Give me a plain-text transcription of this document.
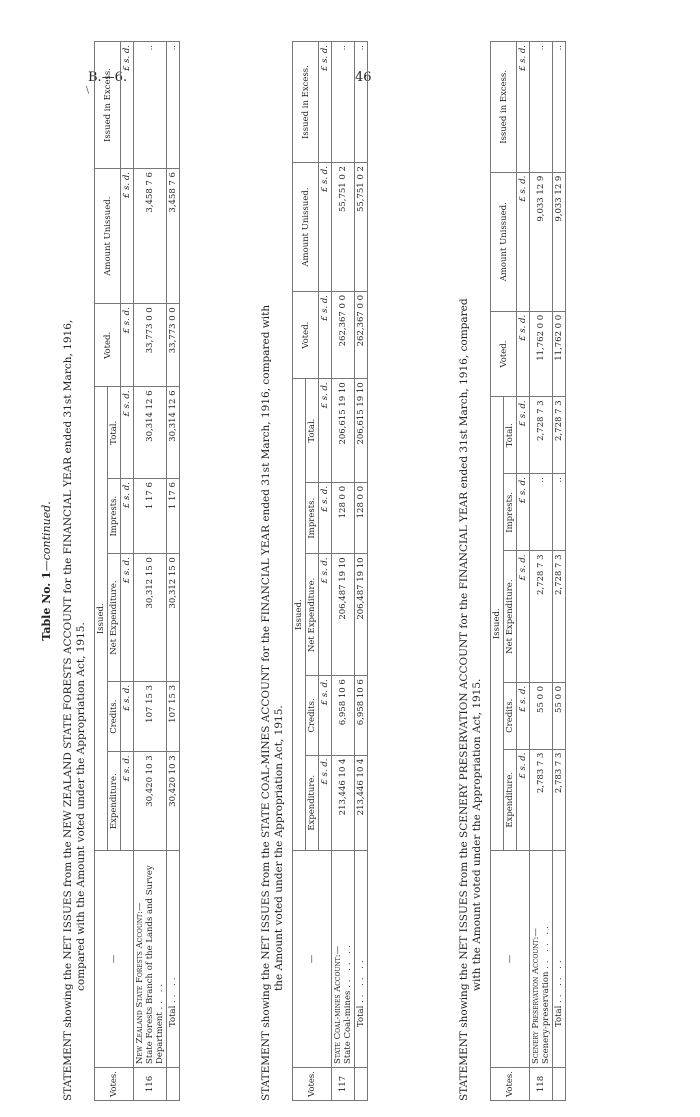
B.—6.	46
\
Table No. 1—continued. STATEMENT showing the NET ISSUES from the NEW ZEALAND STATE FORESTS ACCOUNT for the FINANCIAL YEAR ended 31st March, 1916, compared with the Amount voted under the Appropriation Act, 1915.
Votes.	—	Issued.					Voted.	Amount Unissued.	Issued in Excess.
		Expenditure.	Credits.	Net Expenditure.	Imprests.	Total.			
		£ s. d.	£ s. d.	£ s. d.	£ s. d.	£ s. d.	£ s. d.	£ s. d.	£ s. d.
116	New Zealand State Forests Account:—
State Forests Branch of the Lands and Survey Department .. ..	30,420 10 3	107 15 3	30,312 15 0	1 17 6	30,314 12 6	33,773 0 0	3,458 7 6	..
	Total .. ..	30,420 10 3	107 15 3	30,312 15 0	1 17 6	30,314 12 6	33,773 0 0	3,458 7 6	..
STATEMENT showing the NET ISSUES from the STATE COAL-MINES ACCOUNT for the FINANCIAL YEAR ended 31st March, 1916, compared with the Amount voted under the Appropriation Act, 1915.
Votes.	—	Issued.					Voted.	Amount Unissued.	Issued in Excess.
		Expenditure.	Credits.	Net Expenditure.	Imprests.	Total.			
		£ s. d.	£ s. d.	£ s. d.	£ s. d.	£ s. d.	£ s. d.	£ s. d.	£ s. d.
117	State Coal-mines Account:—
State Coal-mines .. .. ..	213,446 10 4	6,958 10 6	206,487 19 10	128 0 0	206,615 19 10	262,367 0 0	55,751 0 2	..
	Total .. .. ..	213,446 10 4	6,958 10 6	206,487 19 10	128 0 0	206,615 19 10	262,367 0 0	55,751 0 2	..
STATEMENT showing the NET ISSUES from the SCENERY PRESERVATION ACCOUNT for the FINANCIAL YEAR ended 31st March, 1916, compared with the Amount voted under the Appropriation Act, 1915.
Votes.	—	Issued.					Voted.	Amount Unissued.	Issued in Excess.
		Expenditure.	Credits.	Net Expenditure.	Imprests.	Total.			
		£ s. d.	£ s. d.	£ s. d.	£ s. d.	£ s. d.	£ s. d.	£ s. d.	£ s. d.
118	Scenery Preservation Account:—
Scenery-preservation .. .. ..	2,783 7 3	55 0 0	2,728 7 3	..	2,728 7 3	11,762 0 0	9,033 12 9	..
	Total .. .. ..	2,783 7 3	55 0 0	2,728 7 3	..	2,728 7 3	11,762 0 0	9,033 12 9	..
